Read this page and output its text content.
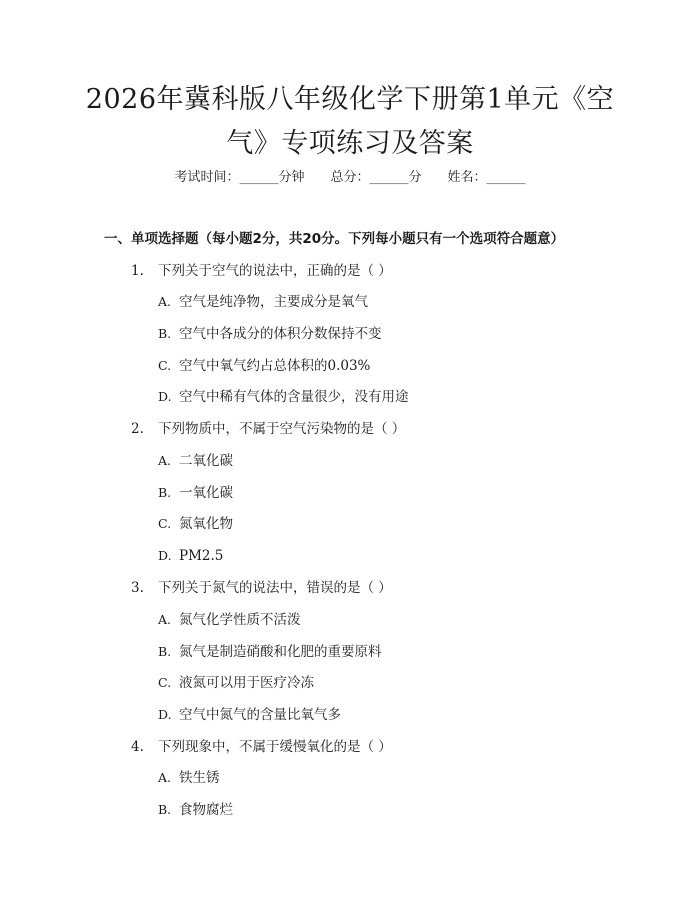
2026年冀科版八年级化学下册第1单元《空
气》专项练习及答案
考试时间：______分钟 总分：______分 姓名：______
一、单项选择题（每小题2分，共20分。下列每小题只有一个选项符合题意）
1. 下列关于空气的说法中，正确的是（ ）
A. 空气是纯净物，主要成分是氧气
B. 空气中各成分的体积分数保持不变
C. 空气中氧气约占总体积的0.03%
D. 空气中稀有气体的含量很少，没有用途
2. 下列物质中，不属于空气污染物的是（ ）
A. 二氧化碳
B. 一氧化碳
C. 氮氧化物
D. PM2.5
3. 下列关于氮气的说法中，错误的是（ ）
A. 氮气化学性质不活泼
B. 氮气是制造硝酸和化肥的重要原料
C. 液氮可以用于医疗冷冻
D. 空气中氮气的含量比氧气多
4. 下列现象中，不属于缓慢氧化的是（ ）
A. 铁生锈
B. 食物腐烂
